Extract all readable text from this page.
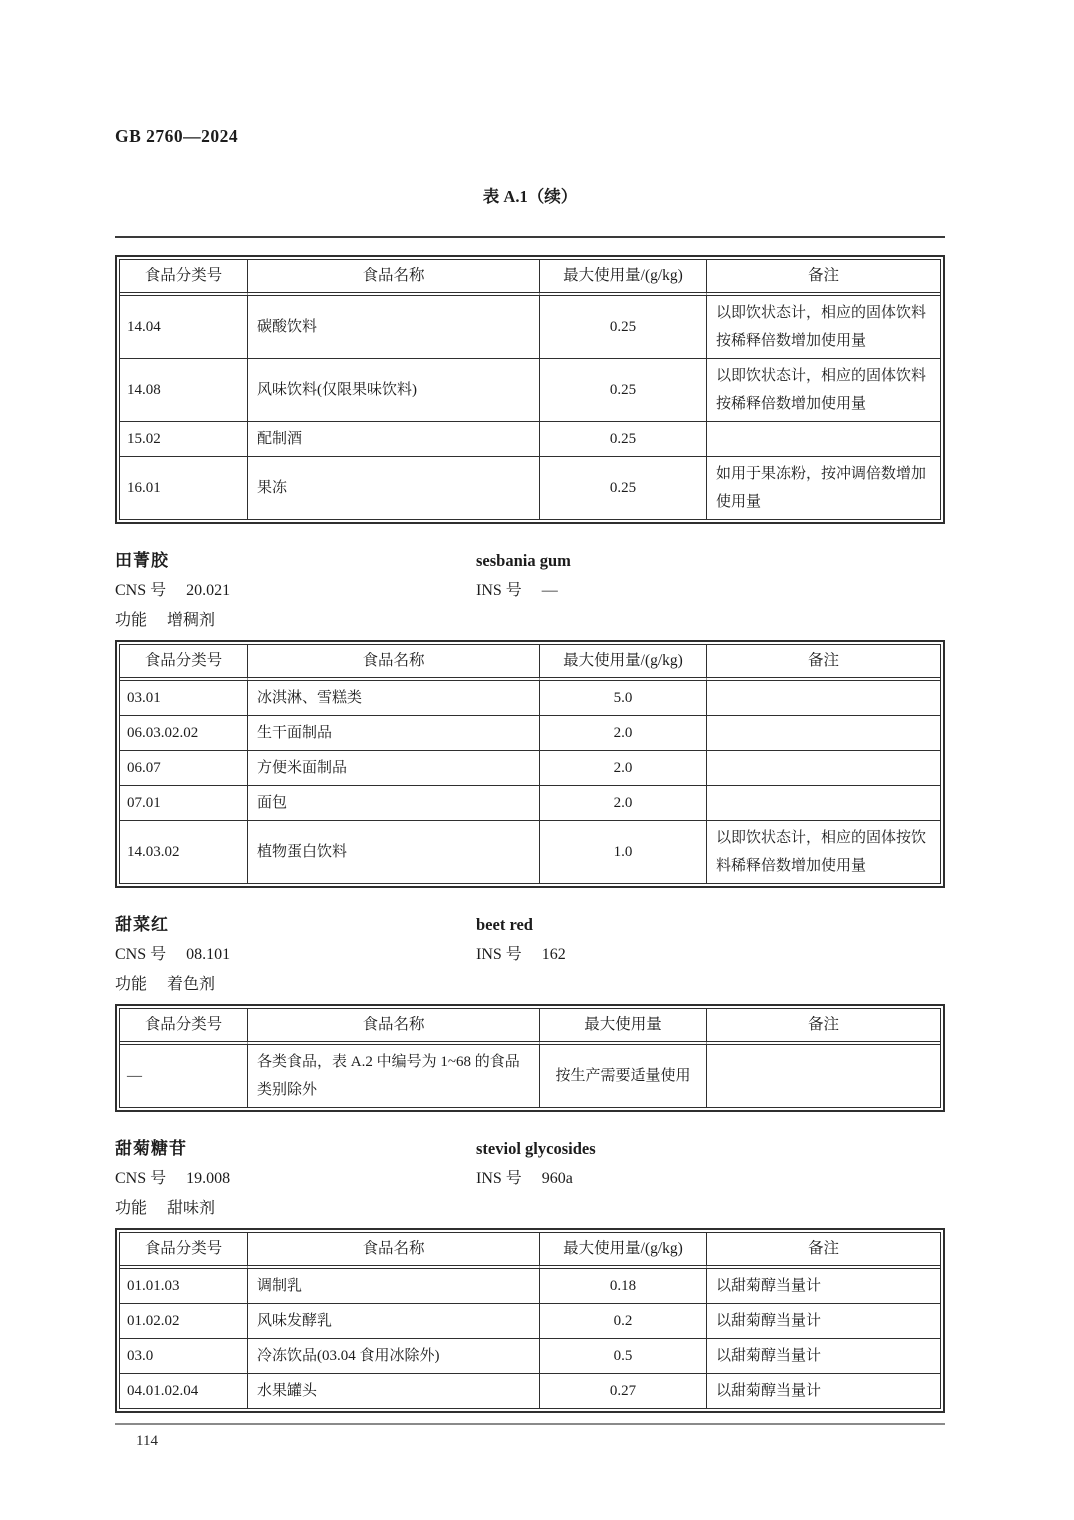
GB 2760—2024
表 A.1（续）
食品分类号	食品名称	最大使用量/(g/kg)	备注
14.04	碳酸饮料	0.25	以即饮状态计，相应的固体饮料按稀释倍数增加使用量
14.08	风味饮料(仅限果味饮料)	0.25	以即饮状态计，相应的固体饮料按稀释倍数增加使用量
15.02	配制酒	0.25	
16.01	果冻	0.25	如用于果冻粉，按冲调倍数增加使用量
田菁胶	sesbania gum
CNS 号 20.021	INS 号 —
功能 增稠剂
食品分类号	食品名称	最大使用量/(g/kg)	备注
03.01	冰淇淋、雪糕类	5.0	
06.03.02.02	生干面制品	2.0	
06.07	方便米面制品	2.0	
07.01	面包	2.0	
14.03.02	植物蛋白饮料	1.0	以即饮状态计，相应的固体按饮料稀释倍数增加使用量
甜菜红	beet red
CNS 号 08.101	INS 号 162
功能 着色剂
食品分类号	食品名称	最大使用量	备注
—	各类食品，表 A.2 中编号为 1~68 的食品类别除外	按生产需要适量使用	
甜菊糖苷	steviol glycosides
CNS 号 19.008	INS 号 960a
功能 甜味剂
食品分类号	食品名称	最大使用量/(g/kg)	备注
01.01.03	调制乳	0.18	以甜菊醇当量计
01.02.02	风味发酵乳	0.2	以甜菊醇当量计
03.0	冷冻饮品(03.04 食用冰除外)	0.5	以甜菊醇当量计
04.01.02.04	水果罐头	0.27	以甜菊醇当量计
114
